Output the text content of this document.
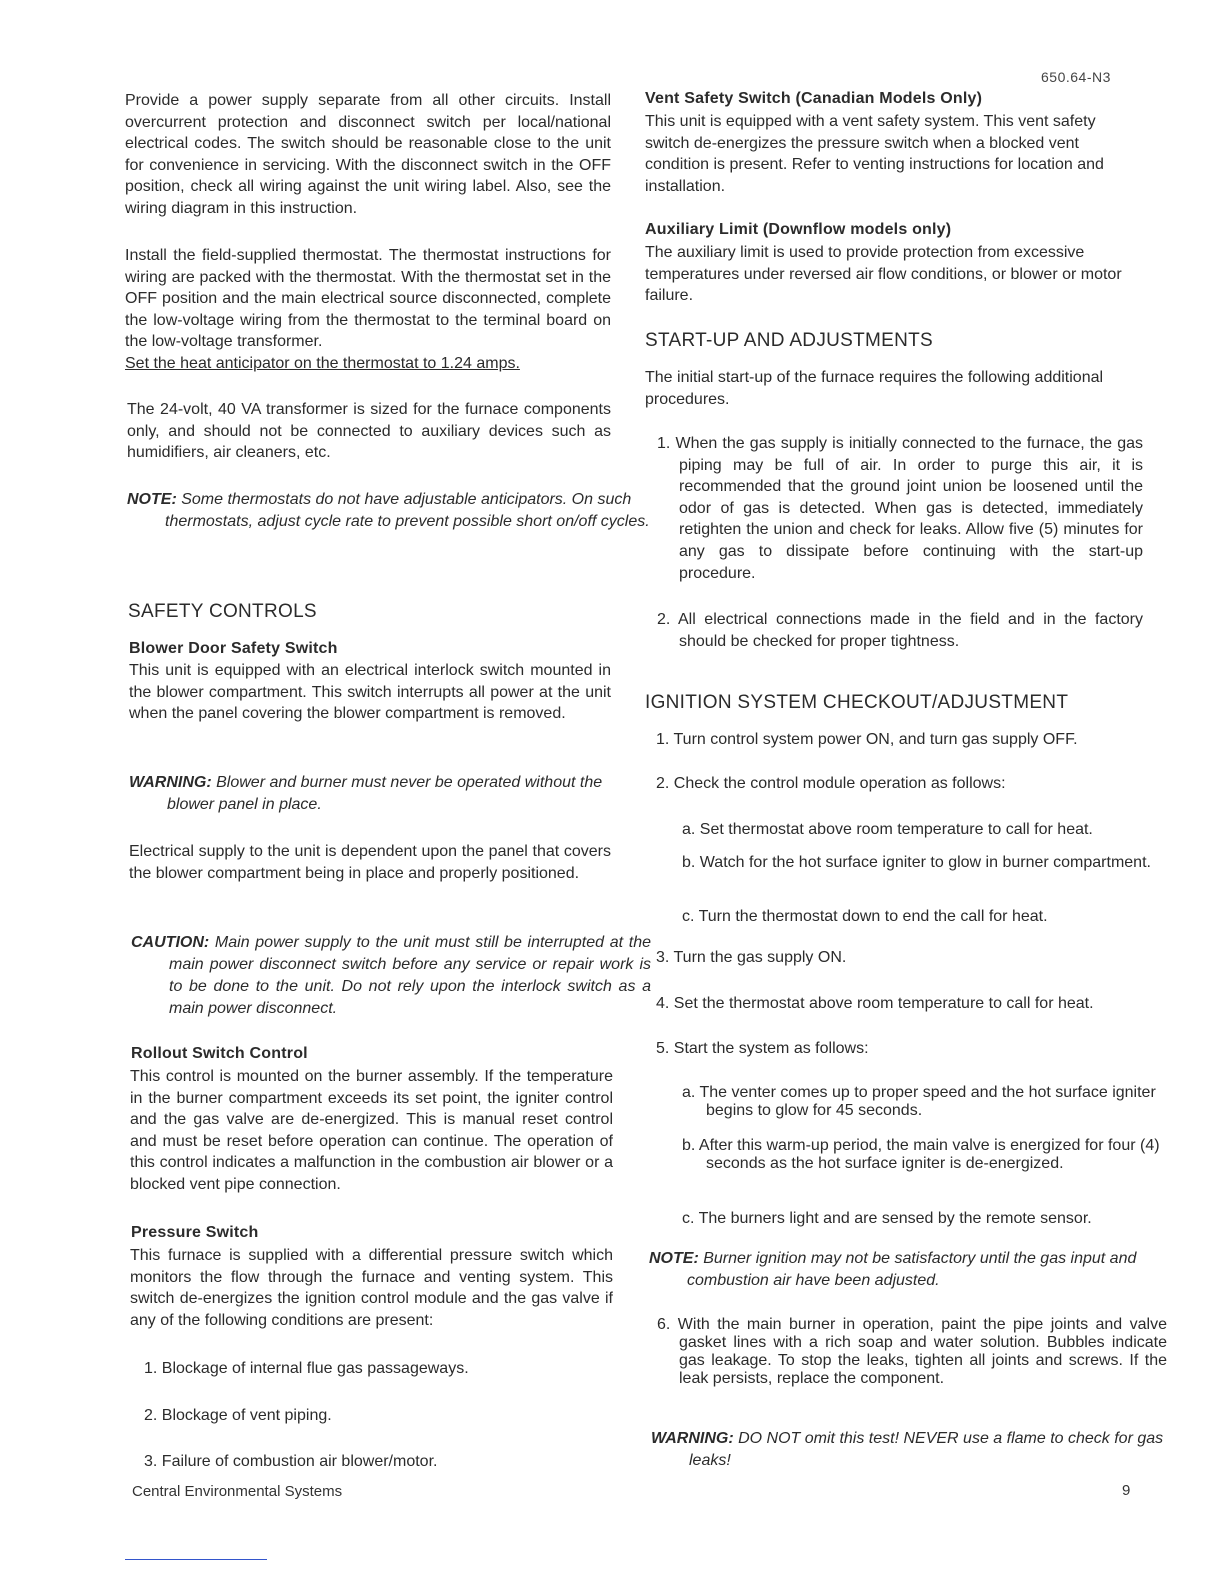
650.64-N3

Provide a power supply separate from all other circuits. Install overcurrent protection and disconnect switch per local/national electrical codes. The switch should be reasonable close to the unit for convenience in servicing. With the disconnect switch in the OFF position, check all wiring against the unit wiring label. Also, see the wiring diagram in this instruction.

Install the field-supplied thermostat. The thermostat instructions for wiring are packed with the thermostat. With the thermostat set in the OFF position and the main electrical source disconnected, complete the low-voltage wiring from the thermostat to the terminal board on the low-voltage transformer.

Set the heat anticipator on the thermostat to 1.24 amps.

The 24-volt, 40 VA transformer is sized for the furnace components only, and should not be connected to auxiliary devices such as humidifiers, air cleaners, etc.

NOTE: Some thermostats do not have adjustable anticipators. On such thermostats, adjust cycle rate to prevent possible short on/off cycles.

SAFETY CONTROLS
Blower Door Safety Switch

This unit is equipped with an electrical interlock switch mounted in the blower compartment. This switch interrupts all power at the unit when the panel covering the blower compartment is removed.

WARNING: Blower and burner must never be operated without the blower panel in place.

Electrical supply to the unit is dependent upon the panel that covers the blower compartment being in place and properly positioned.

CAUTION: Main power supply to the unit must still be interrupted at the main power disconnect switch before any service or repair work is to be done to the unit. Do not rely upon the interlock switch as a main power disconnect.

Rollout Switch Control

This control is mounted on the burner assembly. If the temperature in the burner compartment exceeds its set point, the igniter control and the gas valve are de-energized. This is manual reset control and must be reset before operation can continue. The operation of this control indicates a malfunction in the combustion air blower or a blocked vent pipe connection.

Pressure Switch

This furnace is supplied with a differential pressure switch which monitors the flow through the furnace and venting system. This switch de-energizes the ignition control module and the gas valve if any of the following conditions are present:

1. Blockage of internal flue gas passageways.

2. Blockage of vent piping.

3. Failure of combustion air blower/motor.

Central Environmental Systems
Vent Safety Switch (Canadian Models Only)

This unit is equipped with a vent safety system. This vent safety switch de-energizes the pressure switch when a blocked vent condition is present. Refer to venting instructions for location and installation.

Auxiliary Limit (Downflow models only)

The auxiliary limit is used to provide protection from excessive temperatures under reversed air flow conditions, or blower or motor failure.

START-UP AND ADJUSTMENTS

The initial start-up of the furnace requires the following additional procedures.

1. When the gas supply is initially connected to the furnace, the gas piping may be full of air. In order to purge this air, it is recommended that the ground joint union be loosened until the odor of gas is detected. When gas is detected, immediately retighten the union and check for leaks. Allow five (5) minutes for any gas to dissipate before continuing with the start-up procedure.

2. All electrical connections made in the field and in the factory should be checked for proper tightness.

IGNITION SYSTEM CHECKOUT/ADJUSTMENT

1. Turn control system power ON, and turn gas supply OFF.

2. Check the control module operation as follows:

a. Set thermostat above room temperature to call for heat.

b. Watch for the hot surface igniter to glow in burner compartment.

c. Turn the thermostat down to end the call for heat.

3. Turn the gas supply ON.

4. Set the thermostat above room temperature to call for heat.

5. Start the system as follows:

a. The venter comes up to proper speed and the hot surface igniter begins to glow for 45 seconds.

b. After this warm-up period, the main valve is energized for four (4) seconds as the hot surface igniter is de-energized.

c. The burners light and are sensed by the remote sensor.

NOTE: Burner ignition may not be satisfactory until the gas input and combustion air have been adjusted.

6. With the main burner in operation, paint the pipe joints and valve gasket lines with a rich soap and water solution. Bubbles indicate gas leakage. To stop the leaks, tighten all joints and screws. If the leak persists, replace the component.

WARNING: DO NOT omit this test! NEVER use a flame to check for gas leaks!

9
